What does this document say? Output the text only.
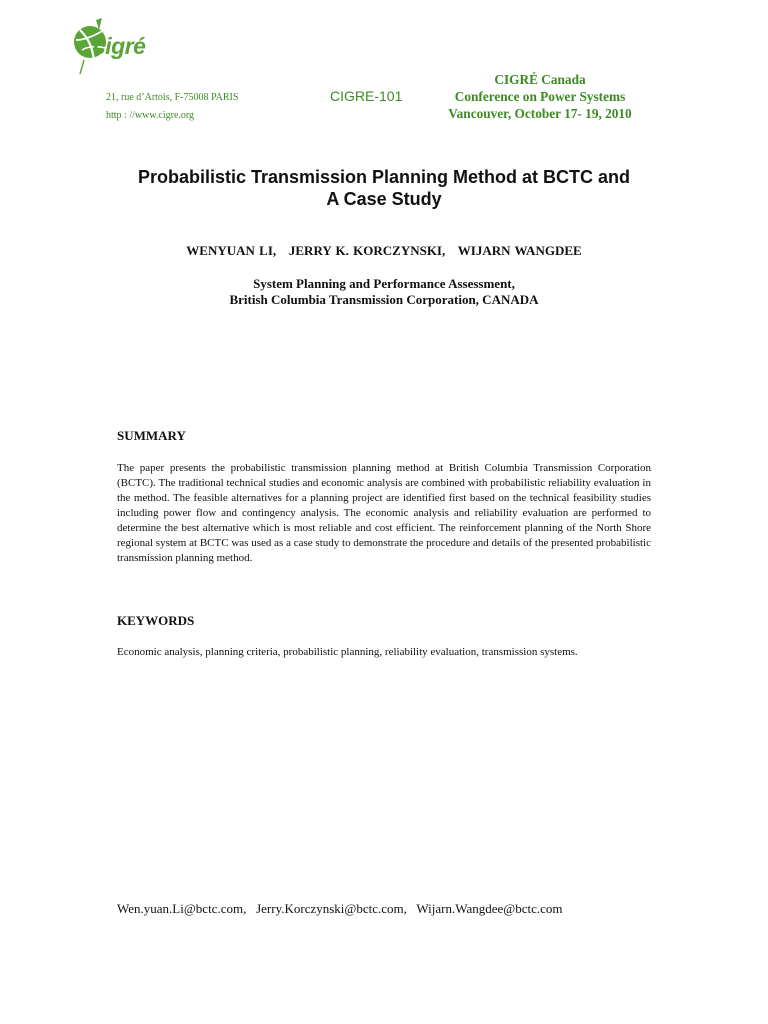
cigré
21, rue d’Artois, F-75008 PARIS
http : //www.cigre.org
CIGRE-101
CIGRÉ Canada
Conference on Power Systems
Vancouver, October 17- 19, 2010
Probabilistic Transmission Planning Method at BCTC and
A Case Study
WENYUAN LI,   JERRY K. KORCZYNSKI,   WIJARN WANGDEE
System Planning and Performance Assessment,
British Columbia Transmission Corporation, CANADA
SUMMARY
The paper presents the probabilistic transmission planning method at British Columbia Transmission Corporation (BCTC). The traditional technical studies and economic analysis are combined with probabilistic reliability evaluation in the method. The feasible alternatives for a planning project are identified first based on the technical feasibility studies including power flow and contingency analysis. The economic analysis and reliability evaluation are performed to determine the best alternative which is most reliable and cost efficient. The reinforcement planning of the North Shore regional system at BCTC was used as a case study to demonstrate the procedure and details of the presented probabilistic transmission planning method.
KEYWORDS
Economic analysis, planning criteria, probabilistic planning, reliability evaluation, transmission systems.
Wen.yuan.Li@bctc.com,   Jerry.Korczynski@bctc.com,   Wijarn.Wangdee@bctc.com
